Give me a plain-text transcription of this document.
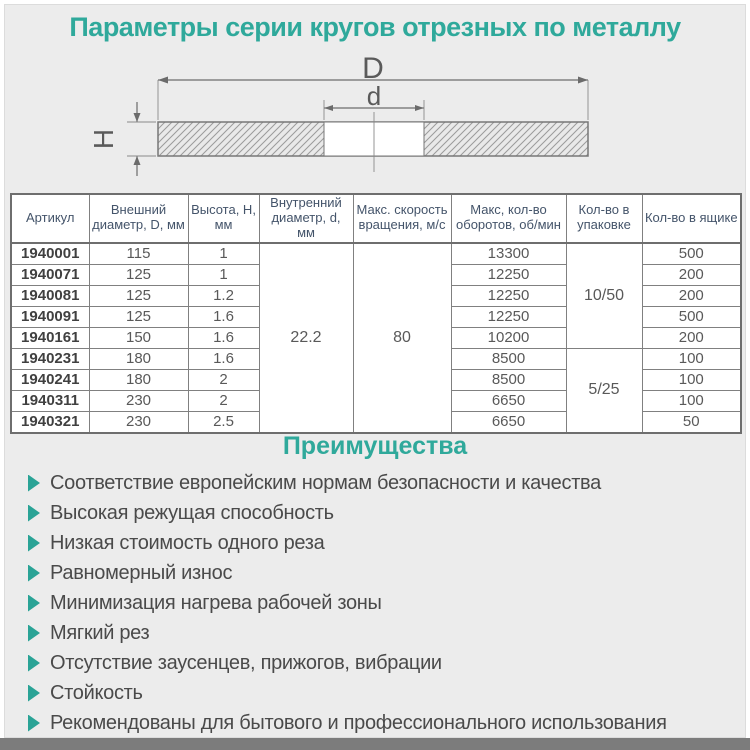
Параметры серии кругов отрезных по металлу
D
d
H
Артикул	Внешний диаметр, D, мм	Высота, H, мм	Внутренний диаметр, d, мм	Макс. скорость вращения, м/с	Макс, кол-во оборотов, об/мин	Кол-во в упаковке	Кол-во в ящике
1940001	115	1	22.2	80	13300	10/50	500
1940071	125	1			12250		200
1940081	125	1.2			12250		200
1940091	125	1.6			12250		500
1940161	150	1.6			10200		200
1940231	180	1.6			8500	5/25	100
1940241	180	2			8500		100
1940311	230	2			6650		100
1940321	230	2.5			6650		50
Преимущества
Соответствие европейским нормам безопасности и качества
Высокая режущая способность
Низкая стоимость одного реза
Равномерный износ
Минимизация нагрева рабочей зоны
Мягкий рез
Отсутствие заусенцев, прижогов, вибрации
Стойкость
Рекомендованы для бытового и профессионального использования
